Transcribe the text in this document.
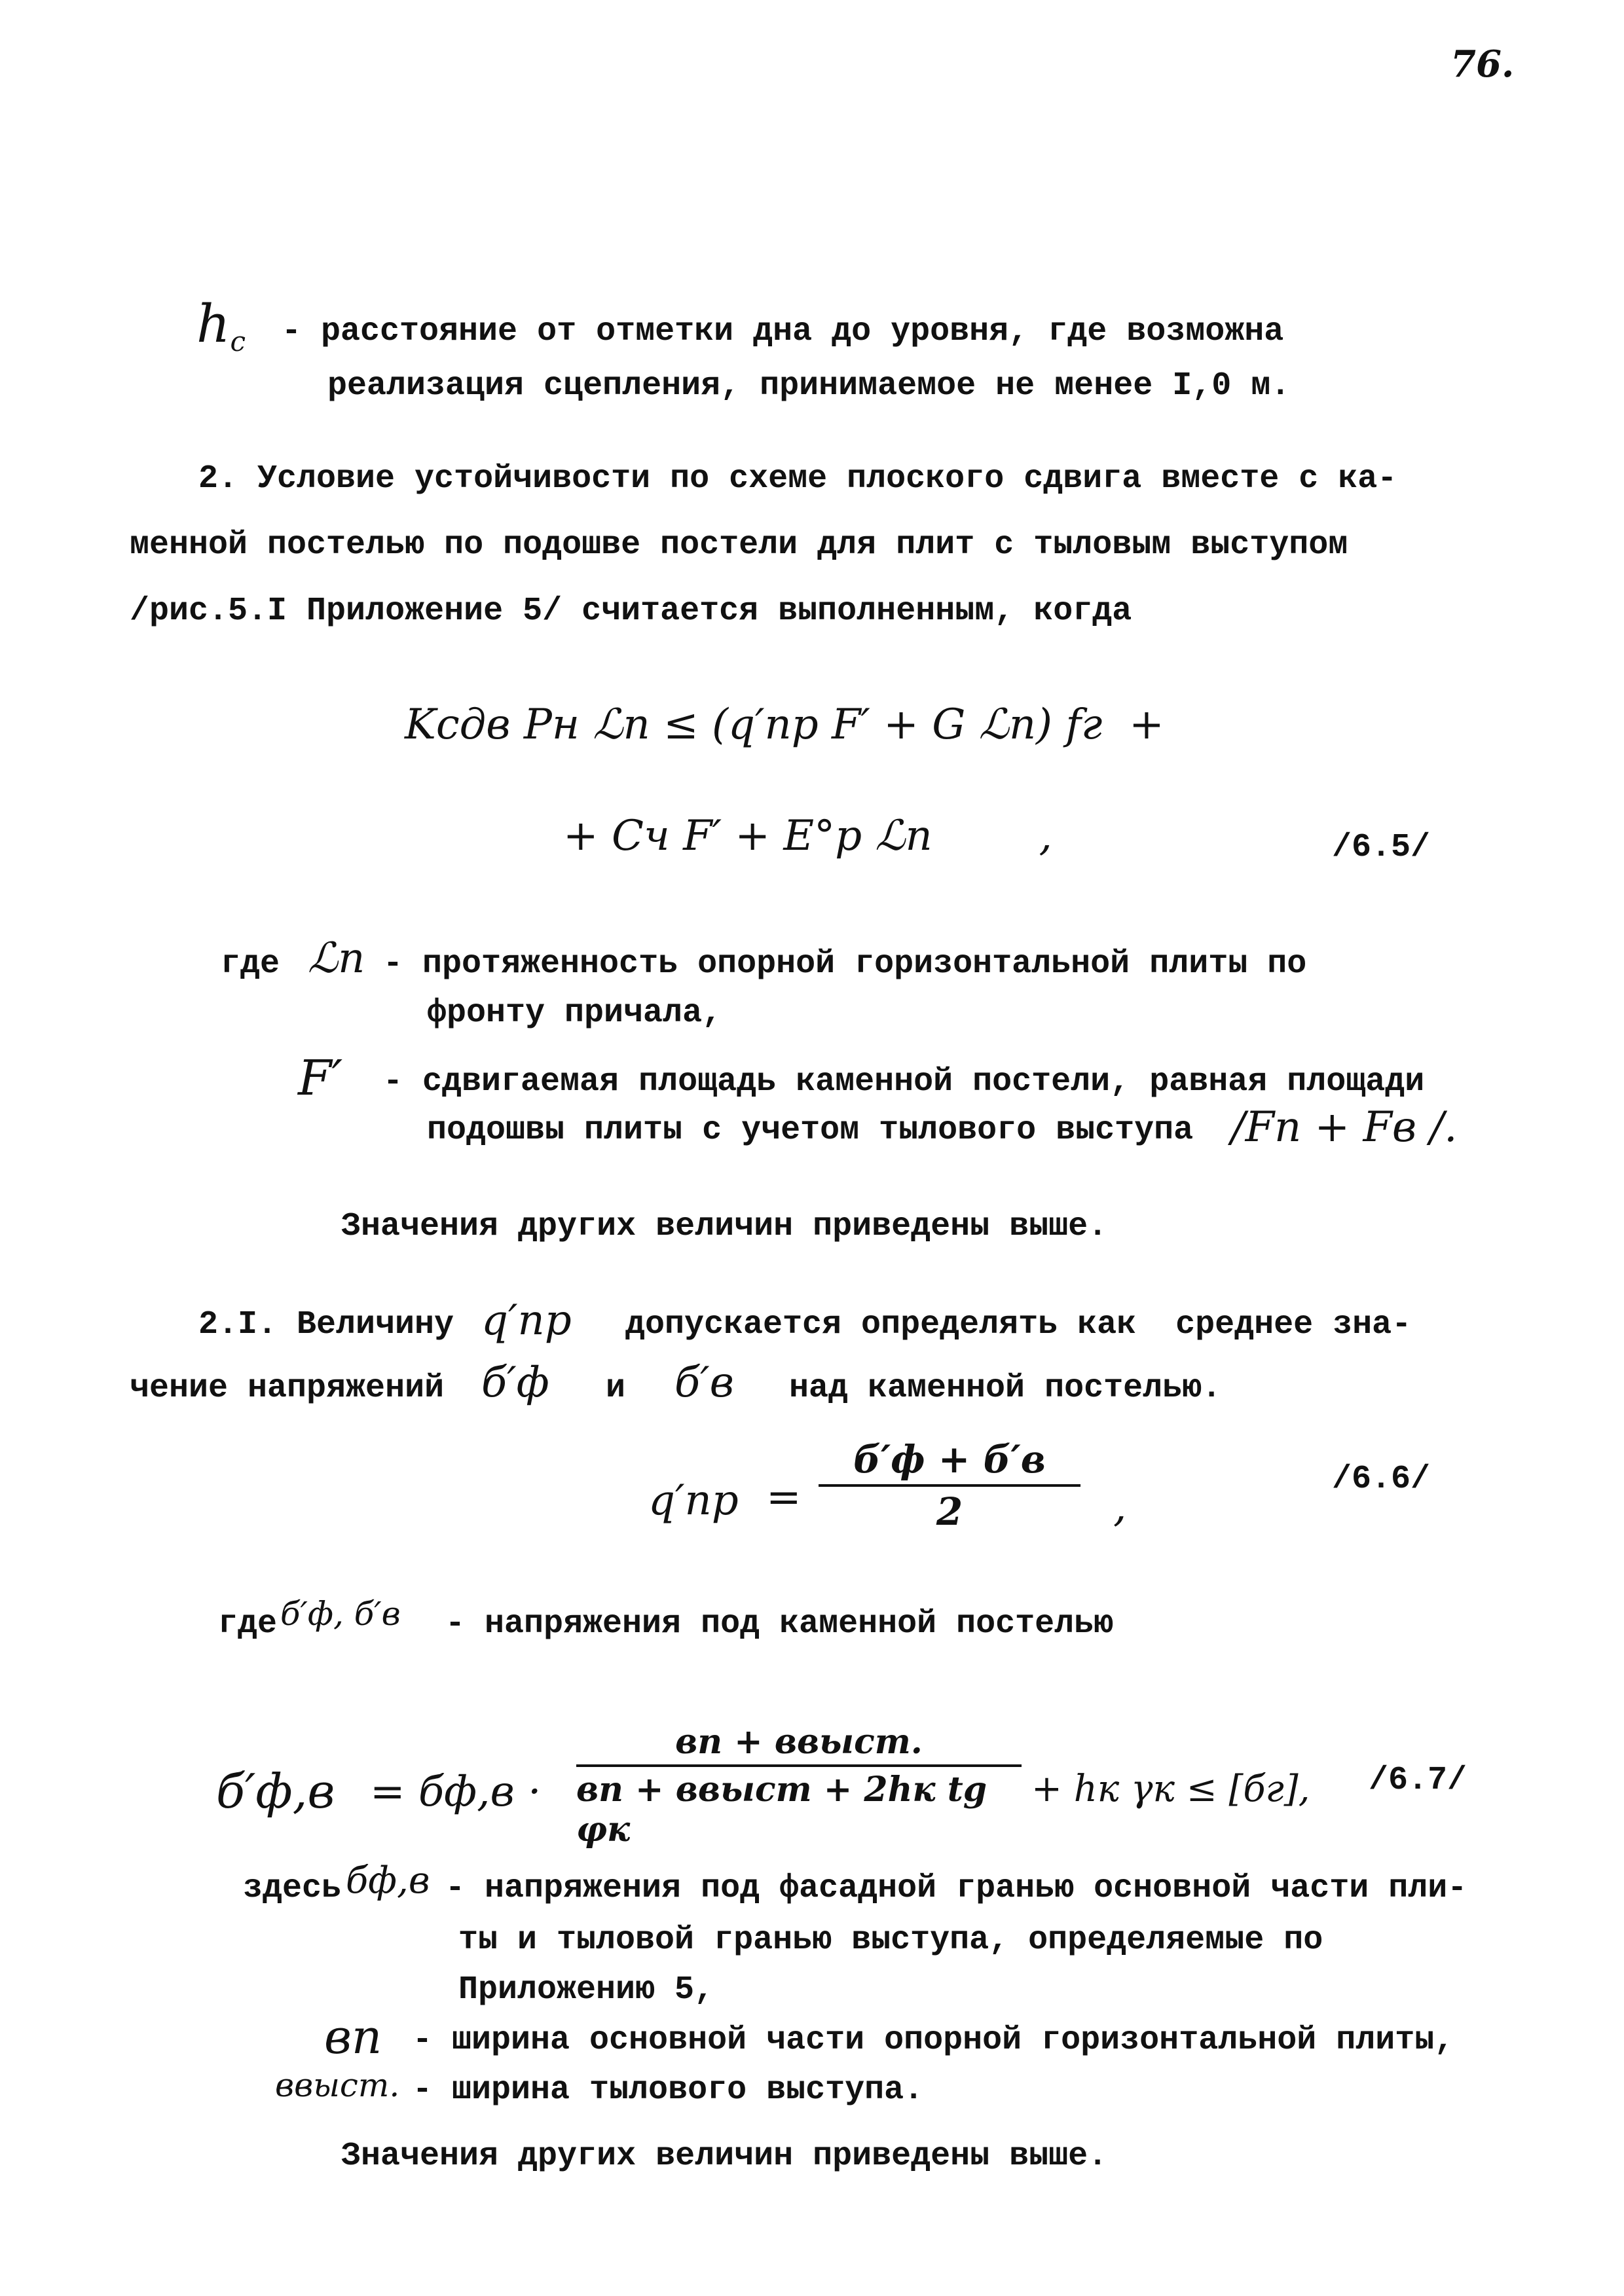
76.
$h_c$ - расстояние от отметки дна до уровня, где возможна
реализация сцепления, принимаемое не менее I,0 м.
2. Условие устойчивости по схеме плоского сдвига вместе с ка-
менной постелью по подошве постели для плит с тыловым выступом
/рис.5.I Приложение 5/ считается выполненным, когда
Kсдв Pн ℒп ≤ (q′пр F′ + G ℒп) fг  +
+ Cч F′ + E°р ℒп        ,	/6.5/
где ℒп - протяженность опорной горизонтальной плиты по
фронту причала,
F′ - сдвигаемая площадь каменной постели, равная площади
подошвы плиты с учетом тылового выступа /Fп + Fв /.
Значения других величин приведены выше.
2.I. Величину q′пр допускается определять как  среднее зна-
чение напряжений б′ф и б′в над каменной постелью.
q′пр =
б′ф + б′в
2	,
/6.6/
где б′ф, б′в - напряжения под каменной постелью
б′ф,в = бф,в ·
вп + ввыст.
вп + ввыст + 2hк tg φк
+ hк γк ≤ [бг], /6.7/
здесь бф,в - напряжения под фасадной гранью основной части пли-
ты и тыловой гранью выступа, определяемые по
Приложению 5,
вп - ширина основной части опорной горизонтальной плиты,
ввыст. - ширина тылового выступа.
Значения других величин приведены выше.
